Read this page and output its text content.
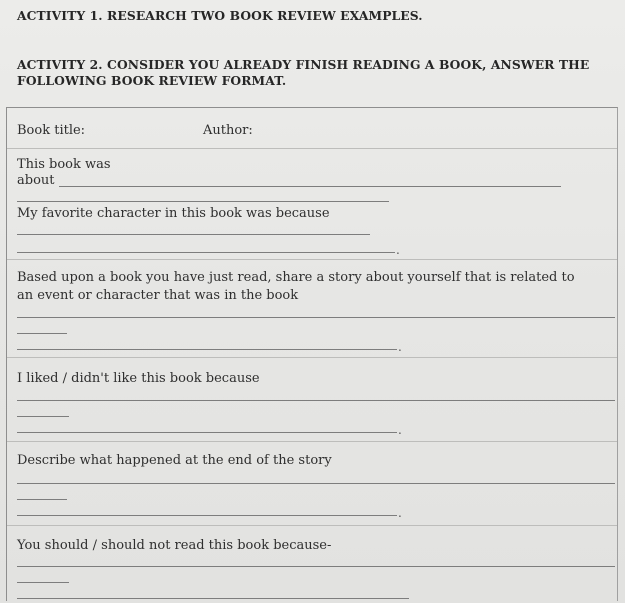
ACTIVITY 1. RESEARCH TWO BOOK REVIEW EXAMPLES.

ACTIVITY 2. CONSIDER YOU ALREADY FINISH READING A BOOK, ANSWER THE FOLLOWING BOOK REVIEW FORMAT.

Book title:	Author:
This book was
about
My favorite character in this book was because
.
Based upon a book you have just read, share a story about yourself that is related to
an event or character that was in the book
.
I liked / didn't like this book because
.
Describe what happened at the end of the story
.
You should / should not read this book because-
